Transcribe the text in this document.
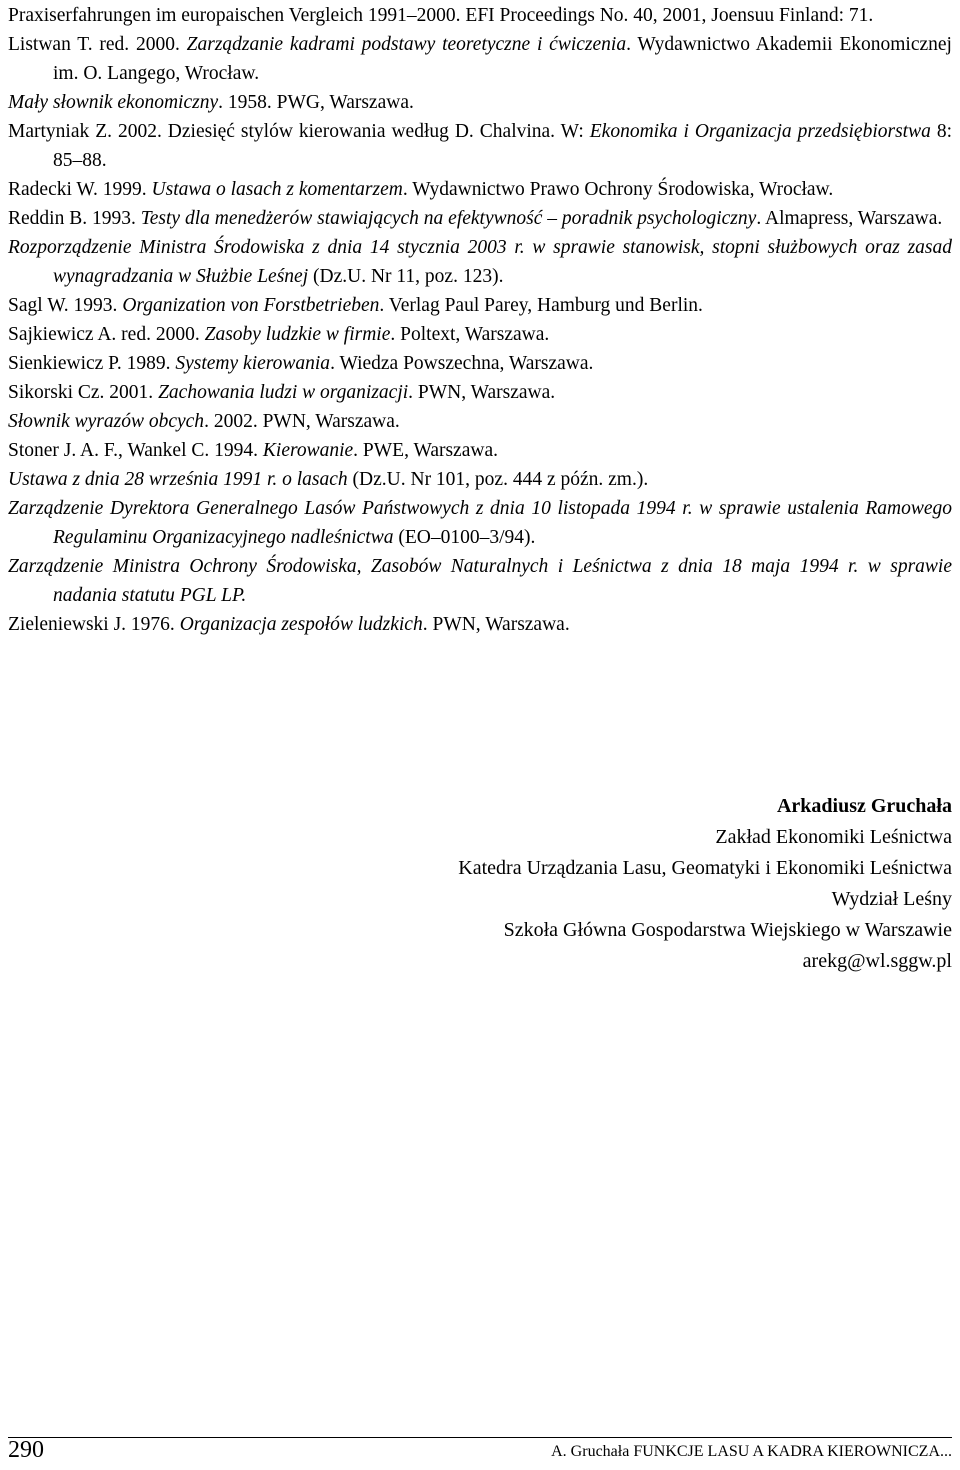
Praxiserfahrungen im europaischen Vergleich 1991–2000. EFI Proceedings No. 40, 2001, Joensuu Finland: 71.
Listwan T. red. 2000. Zarządzanie kadrami podstawy teoretyczne i ćwiczenia. Wydawnictwo Akademii Ekonomicznej im. O. Langego, Wrocław.
Mały słownik ekonomiczny. 1958. PWG, Warszawa.
Martyniak Z. 2002. Dziesięć stylów kierowania według D. Chalvina. W: Ekonomika i Organizacja przedsiębiorstwa 8: 85–88.
Radecki W. 1999. Ustawa o lasach z komentarzem. Wydawnictwo Prawo Ochrony Środowiska, Wrocław.
Reddin B. 1993. Testy dla menedżerów stawiających na efektywność – poradnik psychologiczny. Almapress, Warszawa.
Rozporządzenie Ministra Środowiska z dnia 14 stycznia 2003 r. w sprawie stanowisk, stopni służbowych oraz zasad wynagradzania w Służbie Leśnej (Dz.U. Nr 11, poz. 123).
Sagl W. 1993. Organization von Forstbetrieben. Verlag Paul Parey, Hamburg und Berlin.
Sajkiewicz A. red. 2000. Zasoby ludzkie w firmie. Poltext, Warszawa.
Sienkiewicz P. 1989. Systemy kierowania. Wiedza Powszechna, Warszawa.
Sikorski Cz. 2001. Zachowania ludzi w organizacji. PWN, Warszawa.
Słownik wyrazów obcych. 2002. PWN, Warszawa.
Stoner J. A. F., Wankel C. 1994. Kierowanie. PWE, Warszawa.
Ustawa z dnia 28 września 1991 r. o lasach (Dz.U. Nr 101, poz. 444 z późn. zm.).
Zarządzenie Dyrektora Generalnego Lasów Państwowych z dnia 10 listopada 1994 r. w sprawie ustalenia Ramowego Regulaminu Organizacyjnego nadleśnictwa (EO–0100–3/94).
Zarządzenie Ministra Ochrony Środowiska, Zasobów Naturalnych i Leśnictwa z dnia 18 maja 1994 r. w sprawie nadania statutu PGL LP.
Zieleniewski J. 1976. Organizacja zespołów ludzkich. PWN, Warszawa.
Arkadiusz Gruchała
Zakład Ekonomiki Leśnictwa
Katedra Urządzania Lasu, Geomatyki i Ekonomiki Leśnictwa
Wydział Leśny
Szkoła Główna Gospodarstwa Wiejskiego w Warszawie
arekg@wl.sggw.pl
290	A. Gruchała FUNKCJE LASU A KADRA KIEROWNICZA...
